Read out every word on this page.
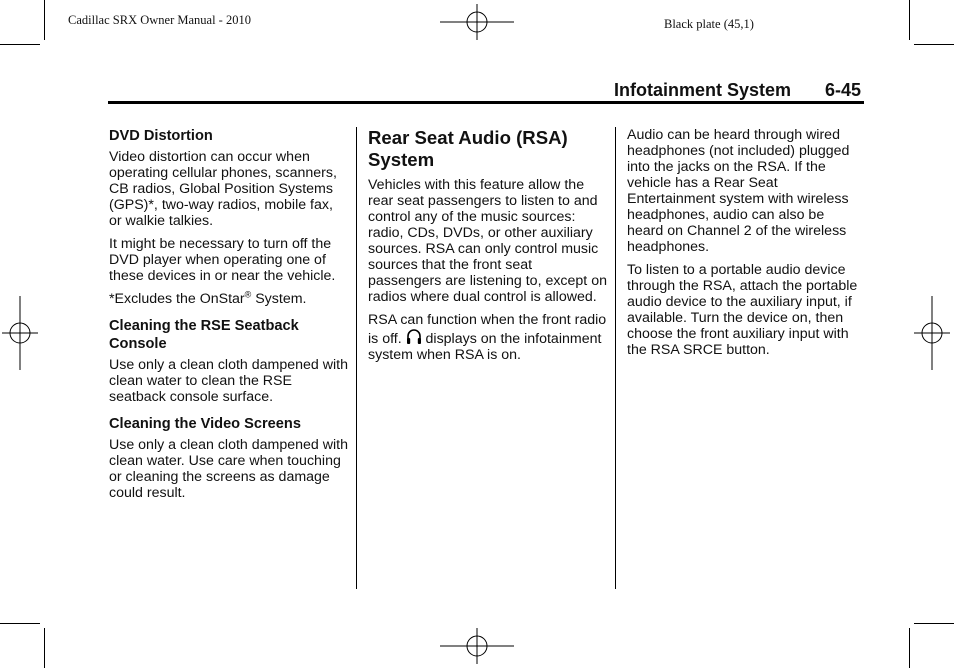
Cadillac SRX Owner Manual - 2010	Black plate (45,1)
Infotainment System 6-45
DVD Distortion

Video distortion can occur when operating cellular phones, scanners, CB radios, Global Position Systems (GPS)*, two-way radios, mobile fax, or walkie talkies.

It might be necessary to turn off the DVD player when operating one of these devices in or near the vehicle.

*Excludes the OnStar® System.

Cleaning the RSE Seatback Console

Use only a clean cloth dampened with clean water to clean the RSE seatback console surface.

Cleaning the Video Screens

Use only a clean cloth dampened with clean water. Use care when touching or cleaning the screens as damage could result.

Rear Seat Audio (RSA) System

Vehicles with this feature allow the rear seat passengers to listen to and control any of the music sources: radio, CDs, DVDs, or other auxiliary sources. RSA can only control music sources that the front seat passengers are listening to, except on radios where dual control is allowed.

RSA can function when the front radio is off.  displays on the infotainment system when RSA is on.

Audio can be heard through wired headphones (not included) plugged into the jacks on the RSA. If the vehicle has a Rear Seat Entertainment system with wireless headphones, audio can also be heard on Channel 2 of the wireless headphones.

To listen to a portable audio device through the RSA, attach the portable audio device to the auxiliary input, if available. Turn the device on, then choose the front auxiliary input with the RSA SRCE button.
